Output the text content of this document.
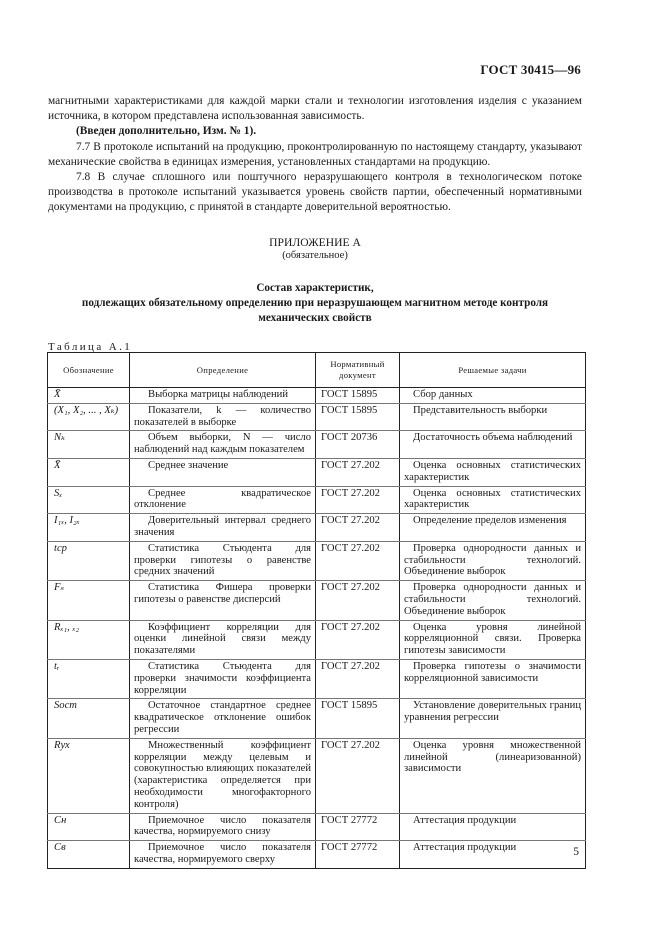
ГОСТ 30415—96

магнитными характеристиками для каждой марки стали и технологии изготовления изделия с указанием источника, в котором представлена использованная зависимость.

(Введен дополнительно, Изм. № 1).

7.7 В протоколе испытаний на продукцию, проконтролированную по настоящему стандарту, указывают механические свойства в единицах измерения, установленных стандартами на продукцию.

7.8 В случае сплошного или поштучного неразрушающего контроля в технологическом потоке производства в протоколе испытаний указывается уровень свойств партии, обеспеченный нормативными документами на продукцию, с принятой в стандарте доверительной вероятностью.

ПРИЛОЖЕНИЕ А
(обязательное)
Состав характеристик,
подлежащих обязательному определению при неразрушающем магнитном методе контроля
механических свойств
Таблица А.1
Обозначение	Определение	Нормативный документ	Решаемые задачи
X̄	Выборка матрицы наблюдений	ГОСТ 15895	Сбор данных
(X₁, X₂, ... , Xₖ)	Показатели, k — количество показателей в выборке	ГОСТ 15895	Представительность выборки
Nₖ	Объем выборки, N — число наблюдений над каждым показателем	ГОСТ 20736	Достаточность объема наблюдений
X̄	Среднее значение	ГОСТ 27.202	Оценка основных статистических характеристик
Sₓ	Среднее квадратическое отклонение	ГОСТ 27.202	Оценка основных статистических характеристик
I₁ₓ, I₂ₓ	Доверительный интервал среднего значения	ГОСТ 27.202	Определение пределов изменения
tср	Статистика Стьюдента для проверки гипотезы о равенстве средних значений	ГОСТ 27.202	Проверка однородности данных и стабильности технологий. Объединение выборок
Fₛ	Статистика Фишера проверки гипотезы о равенстве дисперсий	ГОСТ 27.202	Проверка однородности данных и стабильности технологий. Объединение выборок
Rₓ₁, ₓ₂	Коэффициент корреляции для оценки линейной связи между показателями	ГОСТ 27.202	Оценка уровня линейной корреляционной связи. Проверка гипотезы зависимости
tᵣ	Статистика Стьюдента для проверки значимости коэффициента корреляции	ГОСТ 27.202	Проверка гипотезы о значимости корреляционной зависимости
Sост	Остаточное стандартное среднее квадратическое отклонение ошибок регрессии	ГОСТ 15895	Установление доверительных границ уравнения регрессии
Rух	Множественный коэффициент корреляции между целевым и совокупностью влияющих показателей (характеристика определяется при необходимости многофакторного контроля)	ГОСТ 27.202	Оценка уровня множественной линейной (линеаризованной) зависимости
Cн	Приемочное число показателя качества, нормируемого снизу	ГОСТ 27772	Аттестация продукции
Cв	Приемочное число показателя качества, нормируемого сверху	ГОСТ 27772	Аттестация продукции	5
